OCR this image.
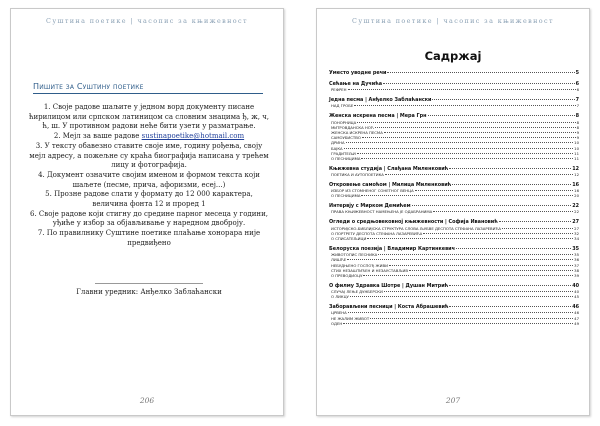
Суштина поетике | часопис за књижевност
Пишите за Суштину поетике

1. Своје радове шаљите у једном ворд документу писане ћирилицом или српском латиницом са словним знацима ђ, ж, ч, ћ, ш. У противном радови неће бити узети у разматрање.

2. Мејл за ваше радове sustinapoetike@hotmail.com

3. У тексту обавезно ставите своје име, годину рођења, своју мејл адресу, а пожељне су краћа биографија написана у трећем лицу и фотографија.

4. Документ означите својим именом и формом текста који шаљете (песме, прича, афоризми, есеј...)

5. Прозне радове слати у формату до 12 000 карактера, величина фонта 12 и проред 1

6. Своје радове који стигну до средине парног месеца у години, уђиће у избор за објављивање у наредном двоброју.

7. По правилнику Суштине поетике плаћање хонорара није предвиђено

Главни уредник: Анђелко Заблаћански
206
Суштина поетике | часопис за књижевност
Садржај
Уместо уводне речи	5
Сећање на Дучића	6
РЕФРЕН	6
Једна песма | Анђелко Заблаћански	7
НАД ГРОБЕ	7
Женска искрена песма | Мера Грн	8
ПОНОРНИЦА	8
МИТРОВДАНСКА НОЋ	8
ЖЕНСКА ИСКРЕНА ПЕСМА	9
САМОУБИСТВО	9
ДРИНА	10
БАЈКА	10
ГРАДИТЕЉИ	11
О ПЕСНИЦИМА	11
Књижевна студија | Слађана Миленковић	12
ПОЕТИКА И АУТОПОЕТИКА	12
Откровење самоћом | Милица Миленковић	16
ИЗБОР ИЗ СТОМНЕНОГ СОНЕТНОГ ВЕНЦА	16
О ПЕСНИЦИМА	20
Интервју с Мирком Демићем	22
ПРАВА КЊИЖЕВНОСТ НАМЕЊЕНА ЈЕ ОДАБРАНИМА	22
Огледи о средњовековној књижевности | Софија Ивановић	27
ИСТОРИЈСКО-БИБЛИЈСКА СТРУКТУРА СЛОВА ЉУБВЕ ДЕСПОТА СТЕФАНА ЛАЗАРЕВИЋА	27
О ПОРТРЕТУ ДЕСПОТА СТЕФАНА ЛАЗАРЕВИЋА	32
О СПИСАТЕЉИЦИ	34
Белоруска поезија | Владимир Картинкевич	35
ЖИВОТОПИС ПЕСНИКА	35
ЛИШЋЕ	36
НЕБУДЊЕНО ГОСПОЂ ЖИВИ	37
СТИХ НЕЗАШТИЋЕН И НЕЗАУСТАВЉИВ	38
О ПРЕВОДИОЦУ	39
О филму Здравка Шотре | Душан Митрић	40
СЛУЧАЈ ЛЕЊЕ ДУНБЕРСКИ	40
О ЛИКЦУ	45
Заборављени песници | Коста Абрашевић	46
ЦРВЕНА	46
НЕ ЖАЛИМ ЖИВОТ	47
ОДЕН	49
207
